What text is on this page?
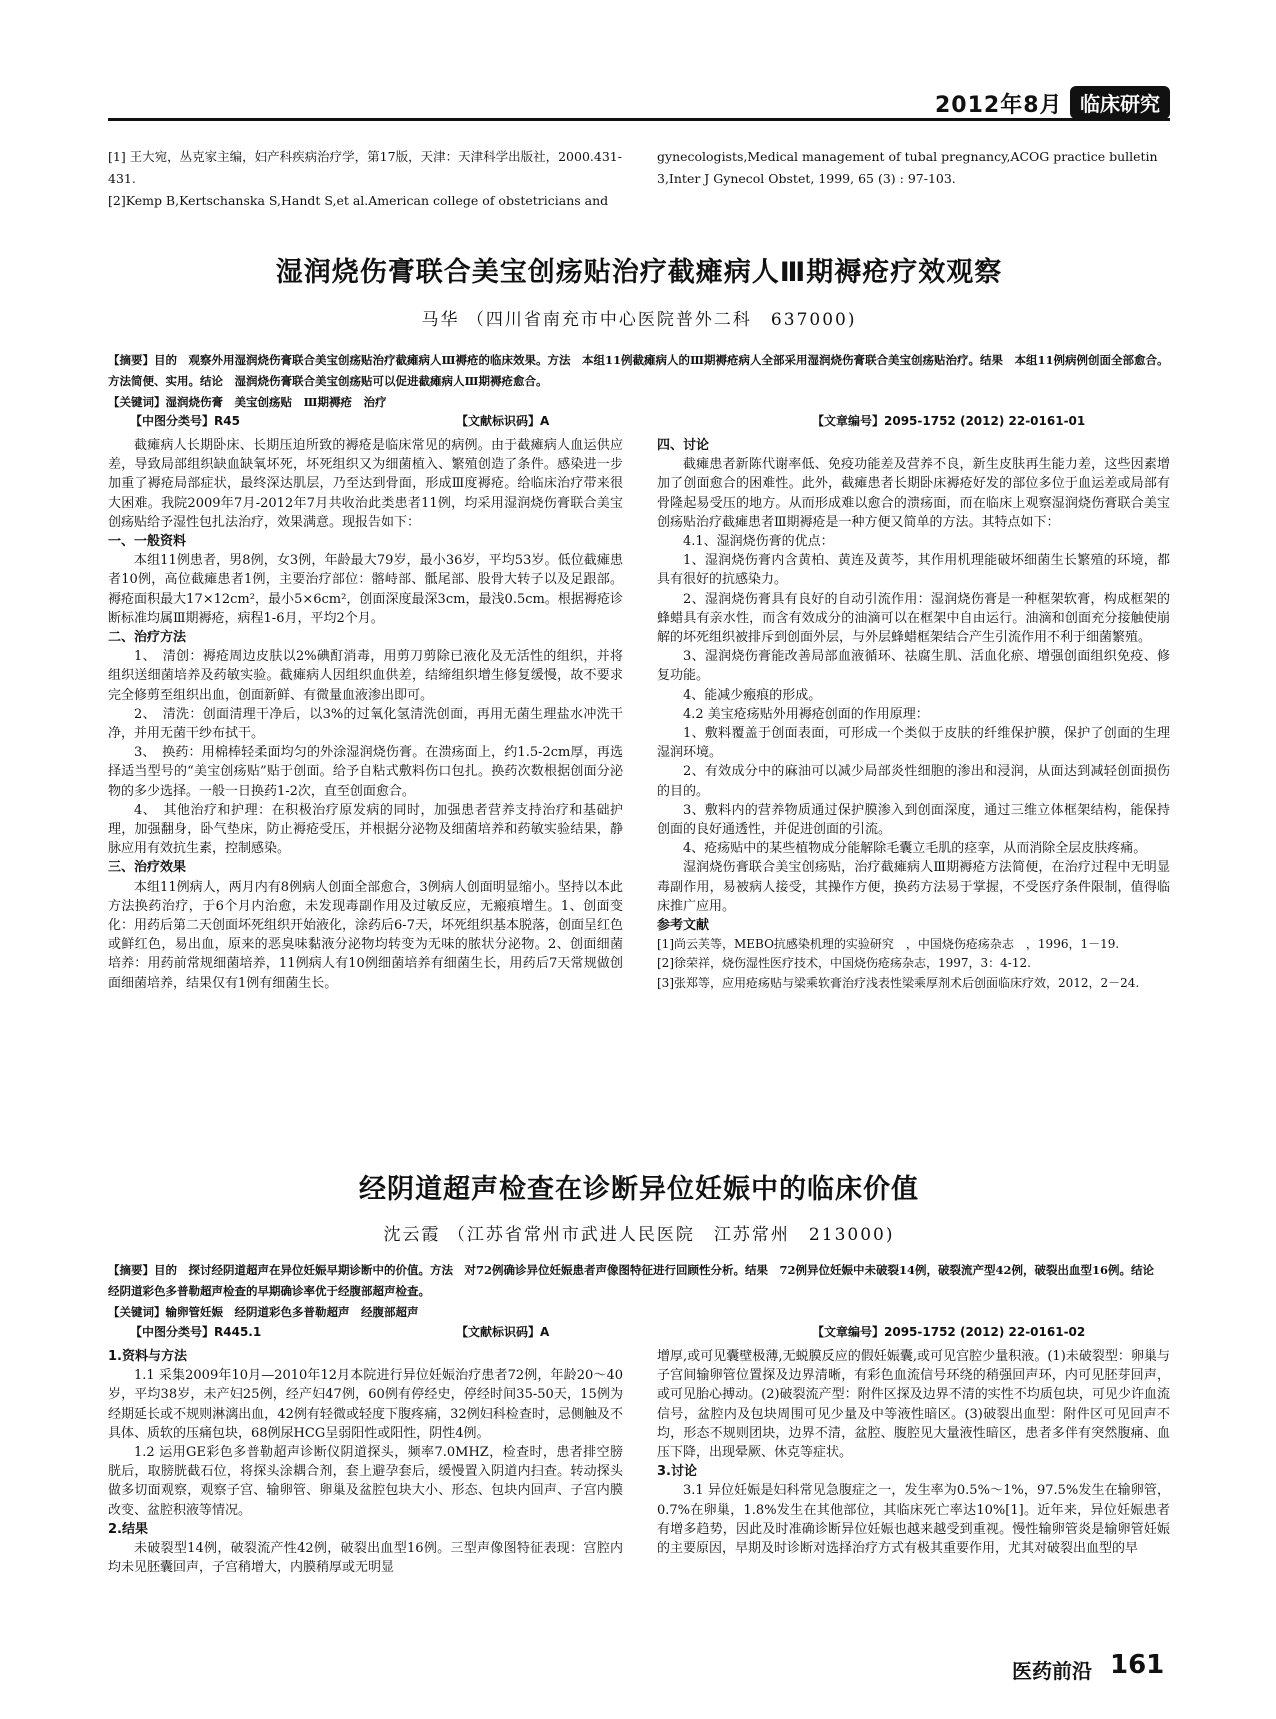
2012年8月 临床研究
[1] 王大宛，丛克家主编，妇产科疾病治疗学，第17版，天津：天津科学出版社，2000.431-431.
[2]Kemp B,Kertschanska S,Handt S,et al.American college of obstetricians and
gynecologists,Medical management of tubal pregnancy,ACOG practice bulletin 3,Inter J Gynecol Obstet, 1999, 65 (3) : 97-103.
湿润烧伤膏联合美宝创疡贴治疗截瘫病人Ⅲ期褥疮疗效观察
马华 （四川省南充市中心医院普外二科　637000)
【摘要】目的　观察外用湿润烧伤膏联合美宝创疡贴治疗截瘫病人Ⅲ褥疮的临床效果。方法　本组11例截瘫病人的Ⅲ期褥疮病人全部采用湿润烧伤膏联合美宝创疡贴治疗。结果　本组11例病例创面全部愈合。方法简便、实用。结论　湿润烧伤膏联合美宝创疡贴可以促进截瘫病人Ⅲ期褥疮愈合。
【关键词】湿润烧伤膏　美宝创疡贴　Ⅲ期褥疮　治疗
【中图分类号】R45	【文献标识码】A	【文章编号】2095-1752 (2012) 22-0161-01

截瘫病人长期卧床、长期压迫所致的褥疮是临床常见的病例。由于截瘫病人血运供应差，导致局部组织缺血缺氧坏死，坏死组织又为细菌植入、繁殖创造了条件。感染进一步加重了褥疮局部症状，最终深达肌层，乃至达到骨面，形成Ⅲ度褥疮。给临床治疗带来很大困难。我院2009年7月-2012年7月共收治此类患者11例，均采用湿润烧伤膏联合美宝创疡贴给予湿性包扎法治疗，效果满意。现报告如下：

一、一般资料

本组11例患者，男8例，女3例，年龄最大79岁，最小36岁，平均53岁。低位截瘫患者10例，高位截瘫患者1例，主要治疗部位：髂峙部、骶尾部、股骨大转子以及足跟部。褥疮面积最大17×12cm²，最小5×6cm²，创面深度最深3cm，最浅0.5cm。根据褥疮诊断标准均属Ⅲ期褥疮，病程1-6月，平均2个月。

二、治疗方法

1、　清创：褥疮周边皮肤以2%碘酊消毒，用剪刀剪除已液化及无活性的组织，并将组织送细菌培养及药敏实验。截瘫病人因组织血供差，结缔组织增生修复缓慢，故不要求完全修剪至组织出血，创面新鲜、有微量血液渗出即可。

2、　清洗：创面清理干净后，以3%的过氧化氢清洗创面，再用无菌生理盐水冲洗干净，并用无菌干纱布拭干。

3、　换药：用棉棒轻柔面均匀的外涂湿润烧伤膏。在溃疡面上，约1.5-2cm厚，再选择适当型号的“美宝创疡贴”贴于创面。给予自粘式敷料伤口包扎。换药次数根据创面分泌物的多少选择。一般一日换药1-2次，直至创面愈合。

4、　其他治疗和护理：在积极治疗原发病的同时，加强患者营养支持治疗和基础护理，加强翻身，卧气垫床，防止褥疮受压，并根据分泌物及细菌培养和药敏实验结果，静脉应用有效抗生素，控制感染。

三、治疗效果

本组11例病人，两月内有8例病人创面全部愈合，3例病人创面明显缩小。坚持以本此方法换药治疗，于6个月内治愈，未发现毒副作用及过敏反应，无瘢痕增生。1、创面变化：用药后第二天创面坏死组织开始液化，涂药后6-7天，坏死组织基本脱落，创面呈红色或鲜红色，易出血，原来的恶臭味黏液分泌物均转变为无味的脓状分泌物。2、创面细菌培养：用药前常规细菌培养，11例病人有10例细菌培养有细菌生长，用药后7天常规做创面细菌培养，结果仅有1例有细菌生长。

四、讨论

截瘫患者新陈代谢率低、免疫功能差及营养不良，新生皮肤再生能力差，这些因素增加了创面愈合的困难性。此外，截瘫患者长期卧床褥疮好发的部位多位于血运差或局部有骨隆起易受压的地方。从而形成难以愈合的溃疡面，而在临床上观察湿润烧伤膏联合美宝创疡贴治疗截瘫患者Ⅲ期褥疮是一种方便又简单的方法。其特点如下：

4.1、湿润烧伤膏的优点：

1、湿润烧伤膏内含黄柏、黄连及黄芩，其作用机理能破坏细菌生长繁殖的环境，都具有很好的抗感染力。

2、湿润烧伤膏具有良好的自动引流作用：湿润烧伤膏是一种框架软膏，构成框架的蜂蜡具有亲水性，而含有效成分的油滴可以在框架中自由运行。油滴和创面充分接触使崩解的坏死组织被排斥到创面外层，与外层蜂蜡框架结合产生引流作用不利于细菌繁殖。

3、湿润烧伤膏能改善局部血液循环、祛腐生肌、活血化瘀、增强创面组织免疫、修复功能。

4、能减少瘢痕的形成。

4.2 美宝疮疡贴外用褥疮创面的作用原理：

1、敷料覆盖于创面表面，可形成一个类似于皮肤的纤维保护膜，保护了创面的生理湿润环境。

2、有效成分中的麻油可以减少局部炎性细胞的渗出和浸润，从面达到减轻创面损伤的目的。

3、敷料内的营养物质通过保护膜渗入到创面深度，通过三维立体框架结构，能保持创面的良好通透性，并促进创面的引流。

4、疮疡贴中的某些植物成分能解除毛囊立毛肌的痉挛，从而消除全层皮肤疼痛。

湿润烧伤膏联合美宝创疡贴，治疗截瘫病人Ⅲ期褥疮方法简便，在治疗过程中无明显毒副作用，易被病人接受，其操作方便，换药方法易于掌握，不受医疗条件限制，值得临床推广应用。

参考文献

[1]尚云芙等，MEBO抗感染机理的实验研究　，中国烧伤疮疡杂志　，1996，1－19.

[2]徐荣祥，烧伤湿性医疗技术，中国烧伤疮疡杂志，1997，3：4-12.

[3]张郑等，应用疮疡贴与梁乘软膏治疗浅表性梁乘厚剂术后创面临床疗效，2012，2－24.

经阴道超声检查在诊断异位妊娠中的临床价值
沈云霞 （江苏省常州市武进人民医院　江苏常州　213000)
【摘要】目的　探讨经阴道超声在异位妊娠早期诊断中的价值。方法　对72例确诊异位妊娠患者声像图特征进行回顾性分析。结果　72例异位妊娠中未破裂14例，破裂流产型42例，破裂出血型16例。结论　经阴道彩色多普勒超声检查的早期确诊率优于经腹部超声检查。
【关键词】输卵管妊娠　经阴道彩色多普勒超声　经腹部超声
【中图分类号】R445.1	【文献标识码】A	【文章编号】2095-1752 (2012) 22-0161-02

1.资料与方法

1.1 采集2009年10月—2010年12月本院进行异位妊娠治疗患者72例，年龄20～40岁，平均38岁，未产妇25例，经产妇47例，60例有停经史，停经时间35-50天，15例为经期延长或不规则淋漓出血，42例有轻微或轻度下腹疼痛，32例妇科检查时，忌侧触及不具体、质软的压痛包块，68例尿HCG呈弱阳性或阳性，阴性4例。

1.2 运用GE彩色多普勒超声诊断仪阴道探头，频率7.0MHZ，检查时，患者排空膀胱后，取膀胱截石位，将探头涂耦合剂，套上避孕套后，缓慢置入阴道内扫查。转动探头做多切面观察，观察子宫、输卵管、卵巢及盆腔包块大小、形态、包块内回声、子宫内膜改变、盆腔积液等情况。

2.结果

未破裂型14例，破裂流产性42例，破裂出血型16例。三型声像图特征表现：宫腔内均未见胚囊回声，子宫稍增大，内膜稍厚或无明显

增厚,或可见囊壁极薄,无蜕膜反应的假妊娠囊,或可见宫腔少量积液。(1)未破裂型：卵巢与子宫间输卵管位置探及边界清晰，有彩色血流信号环绕的稍强回声环，内可见胚芽回声，或可见胎心搏动。(2)破裂流产型：附件区探及边界不清的实性不均质包块，可见少许血流信号，盆腔内及包块周围可见少量及中等液性暗区。(3)破裂出血型：附件区可见回声不均，形态不规则团块，边界不清，盆腔、腹腔见大量液性暗区，患者多伴有突然腹痛、血压下降，出现晕厥、休克等症状。

3.讨论

3.1 异位妊娠是妇科常见急腹症之一，发生率为0.5%～1%，97.5%发生在输卵管，0.7%在卵巢，1.8%发生在其他部位，其临床死亡率达10%[1]。近年来，异位妊娠患者有增多趋势，因此及时准确诊断异位妊娠也越来越受到重视。慢性输卵管炎是输卵管妊娠的主要原因，早期及时诊断对选择治疗方式有极其重要作用，尤其对破裂出血型的早

医药前沿 161
